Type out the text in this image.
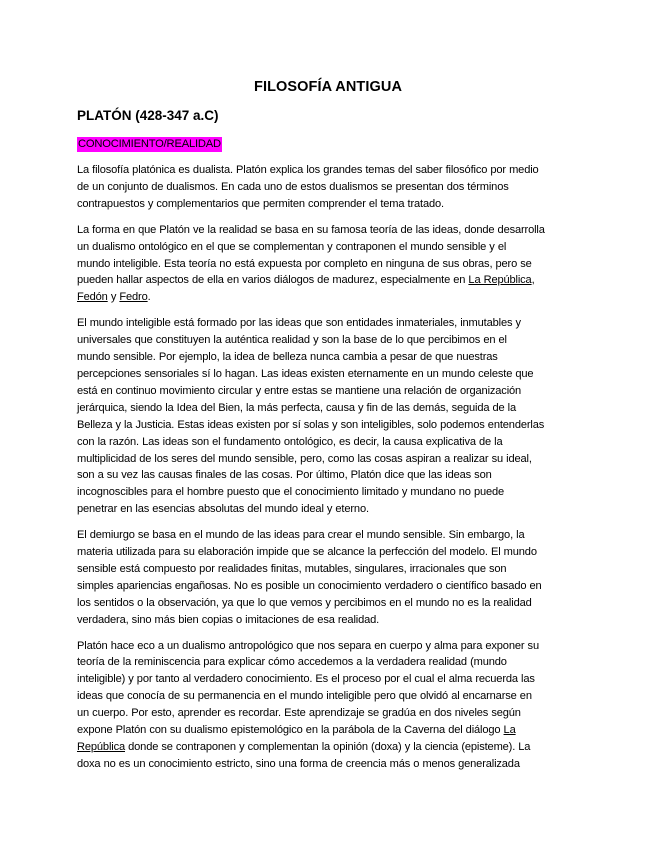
FILOSOFÍA ANTIGUA
PLATÓN (428-347 a.C)
CONOCIMIENTO/REALIDAD

La filosofía platónica es dualista. Platón explica los grandes temas del saber filosófico por medio
de un conjunto de dualismos. En cada uno de estos dualismos se presentan dos términos
contrapuestos y complementarios que permiten comprender el tema tratado.

La forma en que Platón ve la realidad se basa en su famosa teoría de las ideas, donde desarrolla
un dualismo ontológico en el que se complementan y contraponen el mundo sensible y el
mundo inteligible. Esta teoría no está expuesta por completo en ninguna de sus obras, pero se
pueden hallar aspectos de ella en varios diálogos de madurez, especialmente en La República,
Fedón y Fedro.

El mundo inteligible está formado por las ideas que son entidades inmateriales, inmutables y
universales que constituyen la auténtica realidad y son la base de lo que percibimos en el
mundo sensible. Por ejemplo, la idea de belleza nunca cambia a pesar de que nuestras
percepciones sensoriales sí lo hagan. Las ideas existen eternamente en un mundo celeste que
está en continuo movimiento circular y entre estas se mantiene una relación de organización
jerárquica, siendo la Idea del Bien, la más perfecta, causa y fin de las demás, seguida de la
Belleza y la Justicia. Estas ideas existen por sí solas y son inteligibles, solo podemos entenderlas
con la razón. Las ideas son el fundamento ontológico, es decir, la causa explicativa de la
multiplicidad de los seres del mundo sensible, pero, como las cosas aspiran a realizar su ideal,
son a su vez las causas finales de las cosas. Por último, Platón dice que las ideas son
incognoscibles para el hombre puesto que el conocimiento limitado y mundano no puede
penetrar en las esencias absolutas del mundo ideal y eterno.

El demiurgo se basa en el mundo de las ideas para crear el mundo sensible. Sin embargo, la
materia utilizada para su elaboración impide que se alcance la perfección del modelo. El mundo
sensible está compuesto por realidades finitas, mutables, singulares, irracionales que son
simples apariencias engañosas. No es posible un conocimiento verdadero o científico basado en
los sentidos o la observación, ya que lo que vemos y percibimos en el mundo no es la realidad
verdadera, sino más bien copias o imitaciones de esa realidad.

Platón hace eco a un dualismo antropológico que nos separa en cuerpo y alma para exponer su
teoría de la reminiscencia para explicar cómo accedemos a la verdadera realidad (mundo
inteligible) y por tanto al verdadero conocimiento. Es el proceso por el cual el alma recuerda las
ideas que conocía de su permanencia en el mundo inteligible pero que olvidó al encarnarse en
un cuerpo. Por esto, aprender es recordar. Este aprendizaje se gradúa en dos niveles según
expone Platón con su dualismo epistemológico en la parábola de la Caverna del diálogo La
República donde se contraponen y complementan la opinión (doxa) y la ciencia (episteme). La
doxa no es un conocimiento estricto, sino una forma de creencia más o menos generalizada
